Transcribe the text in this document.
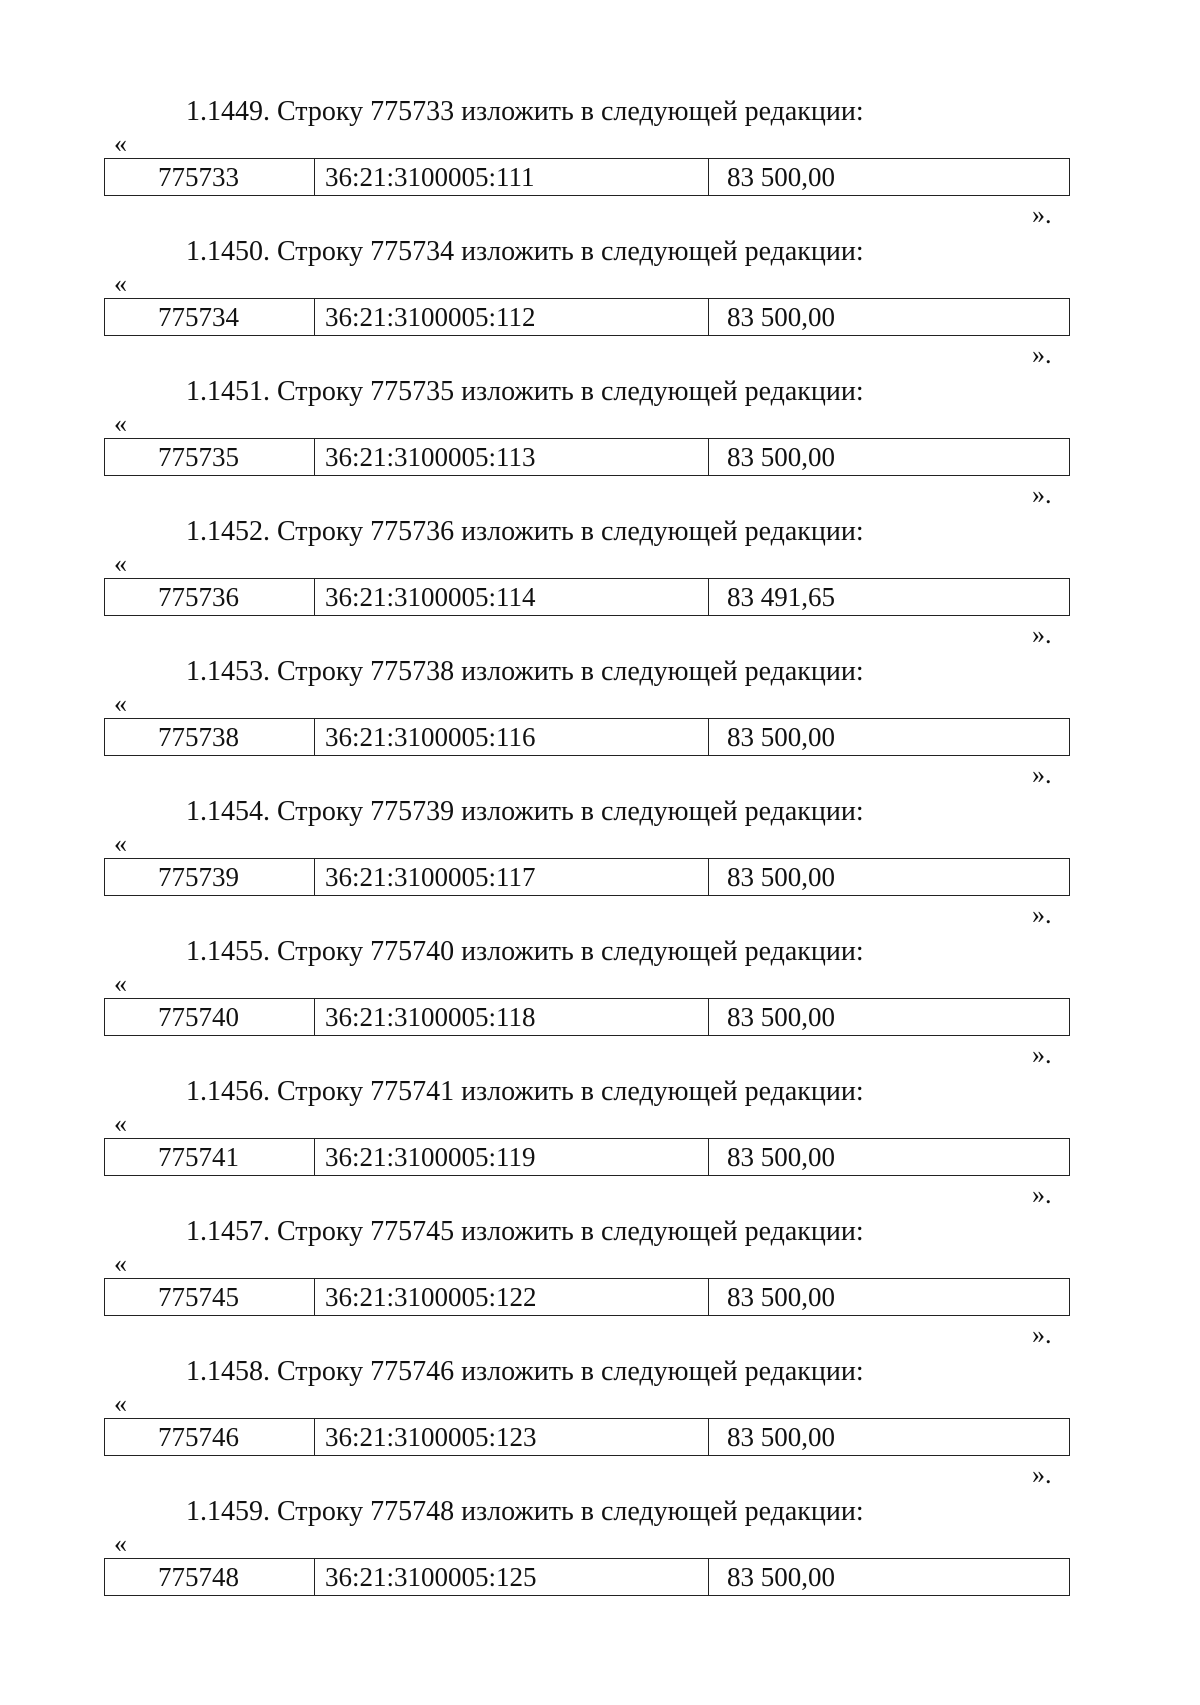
1.1449. Строку 775733 изложить в следующей редакции:
«
775733	36:21:3100005:111	83 500,00
».
1.1450. Строку 775734 изложить в следующей редакции:
«
775734	36:21:3100005:112	83 500,00
».
1.1451. Строку 775735 изложить в следующей редакции:
«
775735	36:21:3100005:113	83 500,00
».
1.1452. Строку 775736 изложить в следующей редакции:
«
775736	36:21:3100005:114	83 491,65
».
1.1453. Строку 775738 изложить в следующей редакции:
«
775738	36:21:3100005:116	83 500,00
».
1.1454. Строку 775739 изложить в следующей редакции:
«
775739	36:21:3100005:117	83 500,00
».
1.1455. Строку 775740 изложить в следующей редакции:
«
775740	36:21:3100005:118	83 500,00
».
1.1456. Строку 775741 изложить в следующей редакции:
«
775741	36:21:3100005:119	83 500,00
».
1.1457. Строку 775745 изложить в следующей редакции:
«
775745	36:21:3100005:122	83 500,00
».
1.1458. Строку 775746 изложить в следующей редакции:
«
775746	36:21:3100005:123	83 500,00
».
1.1459. Строку 775748 изложить в следующей редакции:
«
775748	36:21:3100005:125	83 500,00
